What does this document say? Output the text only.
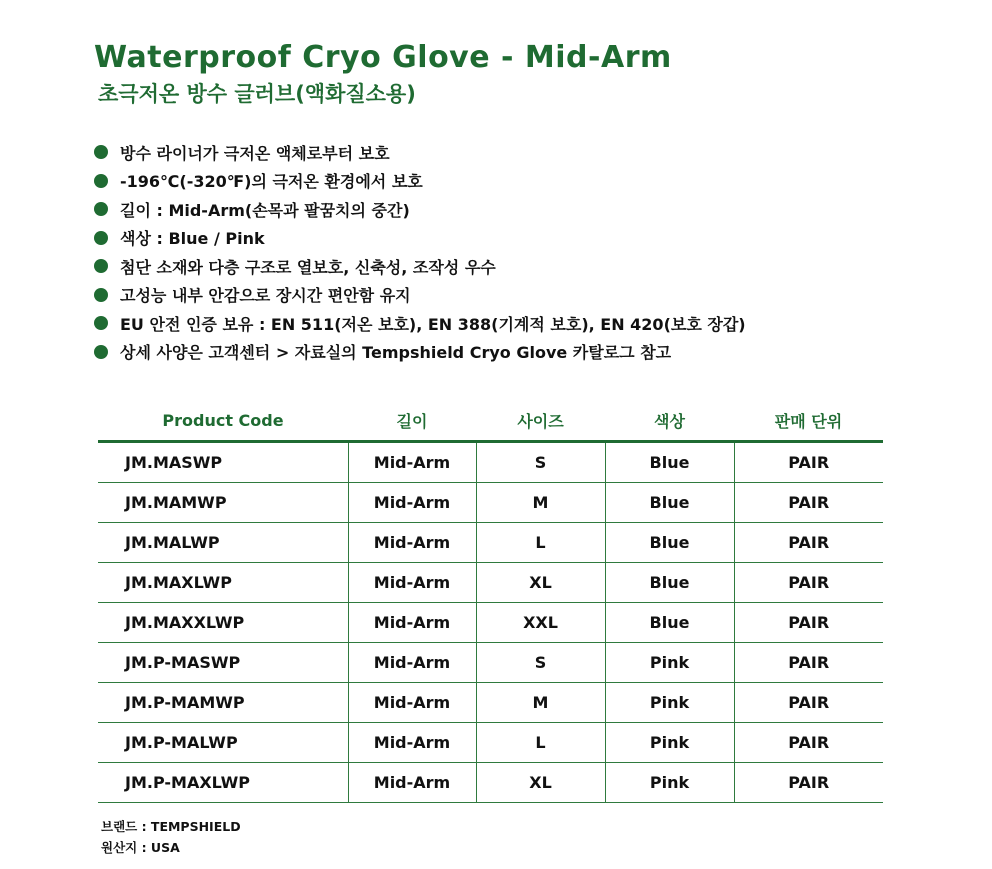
Waterproof Cryo Glove - Mid-Arm
초극저온 방수 글러브(액화질소용)
방수 라이너가 극저온 액체로부터 보호
-196℃(-320℉)의 극저온 환경에서 보호
길이 : Mid-Arm(손목과 팔꿈치의 중간)
색상 : Blue / Pink
첨단 소재와 다층 구조로 열보호, 신축성, 조작성 우수
고성능 내부 안감으로 장시간 편안함 유지
EU 안전 인증 보유 : EN 511(저온 보호), EN 388(기계적 보호), EN 420(보호 장갑)
상세 사양은 고객센터 > 자료실의 Tempshield Cryo Glove 카탈로그 참고
Product Code	길이	사이즈	색상	판매 단위
JM.MASWP	Mid-Arm	S	Blue	PAIR
JM.MAMWP	Mid-Arm	M	Blue	PAIR
JM.MALWP	Mid-Arm	L	Blue	PAIR
JM.MAXLWP	Mid-Arm	XL	Blue	PAIR
JM.MAXXLWP	Mid-Arm	XXL	Blue	PAIR
JM.P-MASWP	Mid-Arm	S	Pink	PAIR
JM.P-MAMWP	Mid-Arm	M	Pink	PAIR
JM.P-MALWP	Mid-Arm	L	Pink	PAIR
JM.P-MAXLWP	Mid-Arm	XL	Pink	PAIR
브랜드 : TEMPSHIELD
원산지 : USA
